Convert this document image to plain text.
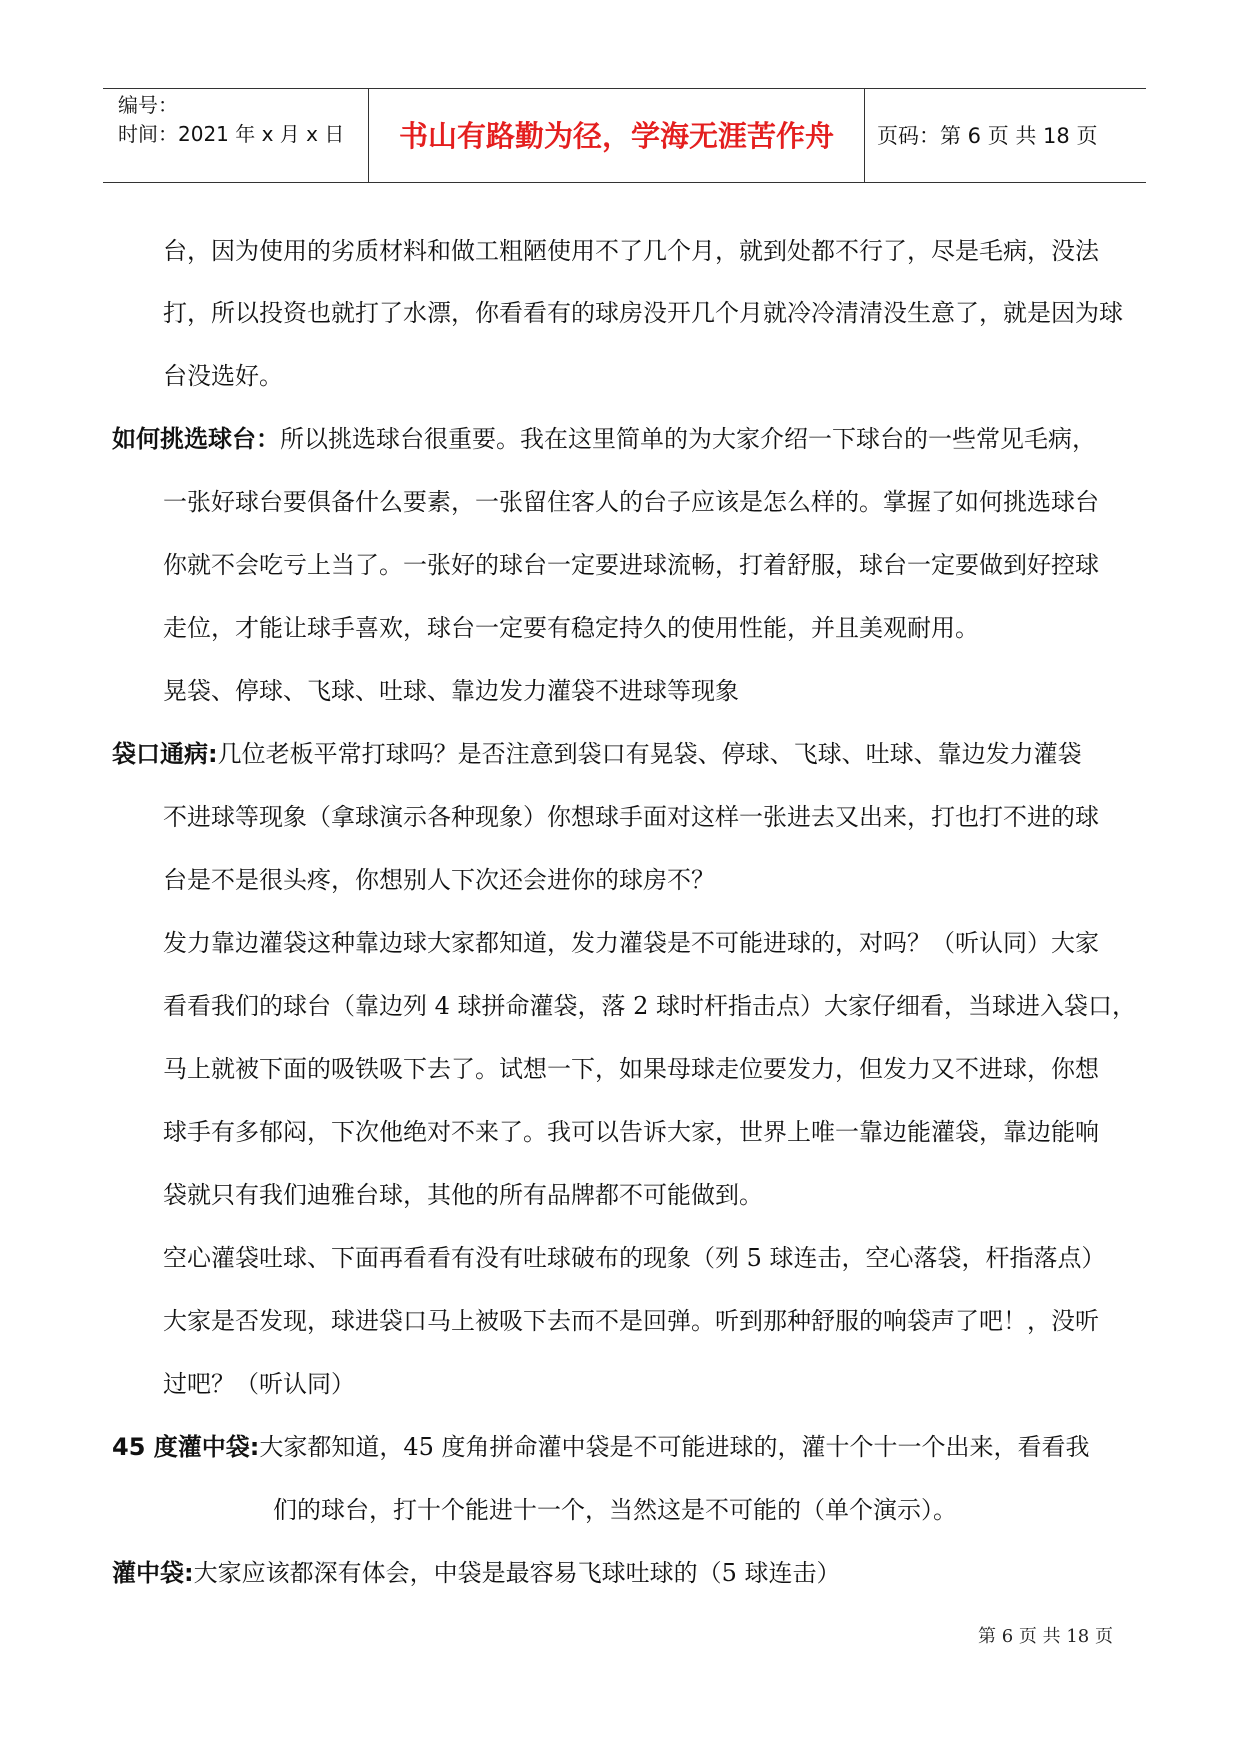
编号：
时间：2021 年 x 月 x 日	书山有路勤为径，学海无涯苦作舟	页码：第 6 页 共 18 页
台，因为使用的劣质材料和做工粗陋使用不了几个月，就到处都不行了，尽是毛病，没法
打，所以投资也就打了水漂，你看看有的球房没开几个月就冷冷清清没生意了，就是因为球
台没选好。
如何挑选球台：所以挑选球台很重要。我在这里简单的为大家介绍一下球台的一些常见毛病，
一张好球台要俱备什么要素，一张留住客人的台子应该是怎么样的。掌握了如何挑选球台
你就不会吃亏上当了。一张好的球台一定要进球流畅，打着舒服，球台一定要做到好控球
走位，才能让球手喜欢，球台一定要有稳定持久的使用性能，并且美观耐用。
晃袋、停球、飞球、吐球、靠边发力灌袋不进球等现象
袋口通病:几位老板平常打球吗？是否注意到袋口有晃袋、停球、飞球、吐球、靠边发力灌袋
不进球等现象（拿球演示各种现象）你想球手面对这样一张进去又出来，打也打不进的球
台是不是很头疼，你想别人下次还会进你的球房不？
发力靠边灌袋这种靠边球大家都知道，发力灌袋是不可能进球的，对吗？（听认同）大家
看看我们的球台（靠边列 4 球拼命灌袋，落 2 球时杆指击点）大家仔细看，当球进入袋口，
马上就被下面的吸铁吸下去了。试想一下，如果母球走位要发力，但发力又不进球，你想
球手有多郁闷，下次他绝对不来了。我可以告诉大家，世界上唯一靠边能灌袋，靠边能响
袋就只有我们迪雅台球，其他的所有品牌都不可能做到。
空心灌袋吐球、下面再看看有没有吐球破布的现象（列 5 球连击，空心落袋，杆指落点）
大家是否发现，球进袋口马上被吸下去而不是回弹。听到那种舒服的响袋声了吧！，没听
过吧？（听认同）
45 度灌中袋:大家都知道，45 度角拼命灌中袋是不可能进球的，灌十个十一个出来，看看我
们的球台，打十个能进十一个，当然这是不可能的（单个演示）。
灌中袋:大家应该都深有体会，中袋是最容易飞球吐球的（5 球连击）
第 6 页 共 18 页
